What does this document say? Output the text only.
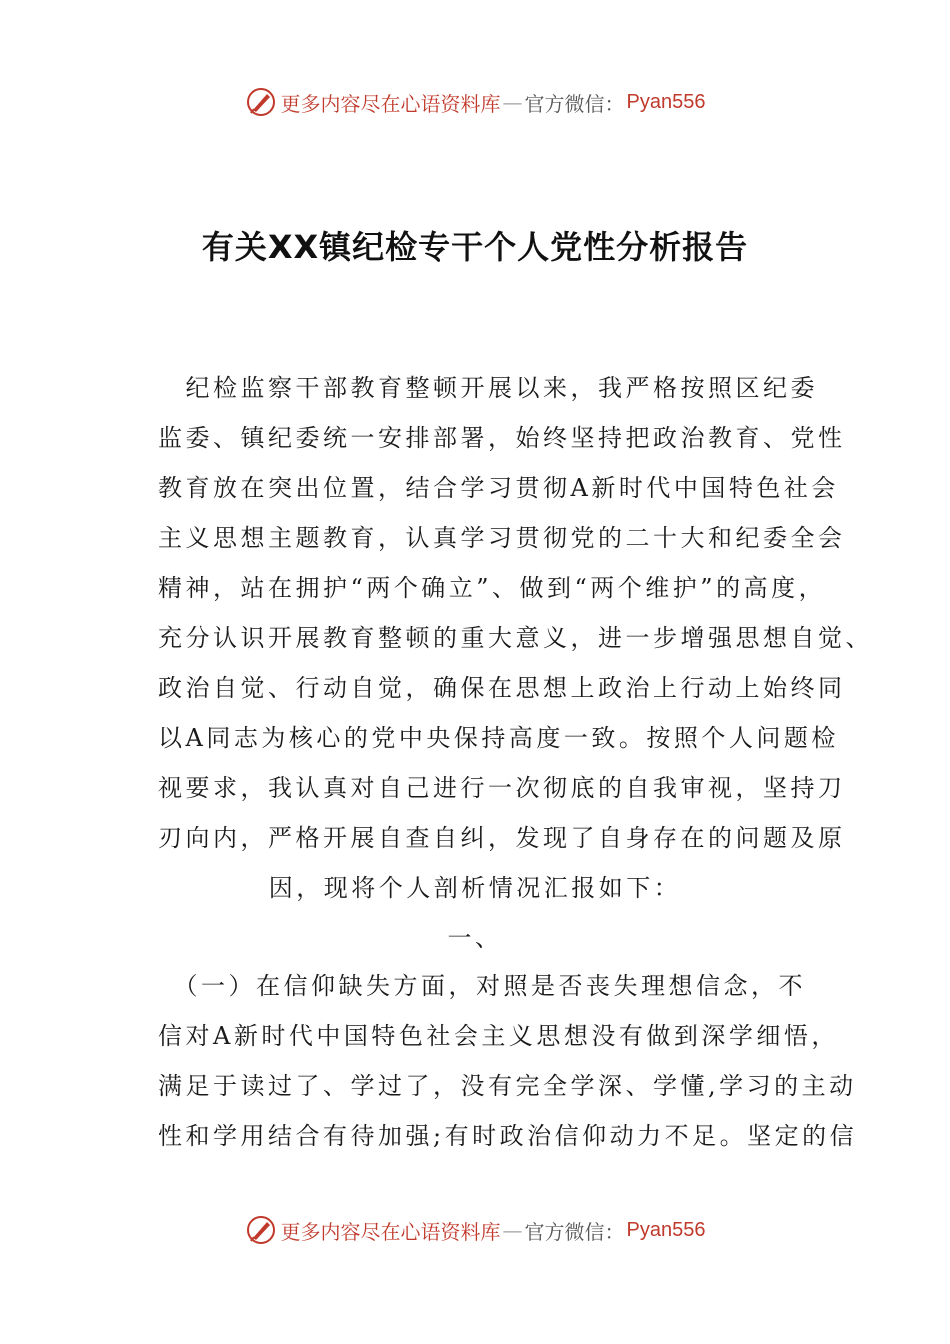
更多内容尽在心语资料库 — 官方微信： Pyan556
有关XX镇纪检专干个人党性分析报告
　纪检监察干部教育整顿开展以来，我严格按照区纪委
监委、镇纪委统一安排部署，始终坚持把政治教育、党性
教育放在突出位置，结合学习贯彻A新时代中国特色社会
主义思想主题教育，认真学习贯彻党的二十大和纪委全会
精神，站在拥护“两个确立”、做到“两个维护”的高度，
充分认识开展教育整顿的重大意义，进一步增强思想自觉、
政治自觉、行动自觉，确保在思想上政治上行动上始终同
以A同志为核心的党中央保持高度一致。按照个人问题检
视要求，我认真对自己进行一次彻底的自我审视，坚持刀
刃向内，严格开展自查自纠，发现了自身存在的问题及原
因，现将个人剖析情况汇报如下：
一、
　（一）在信仰缺失方面，对照是否丧失理想信念，不
信对A新时代中国特色社会主义思想没有做到深学细悟，
满足于读过了、学过了，没有完全学深、学懂,学习的主动
性和学用结合有待加强;有时政治信仰动力不足。坚定的信
更多内容尽在心语资料库 — 官方微信： Pyan556
